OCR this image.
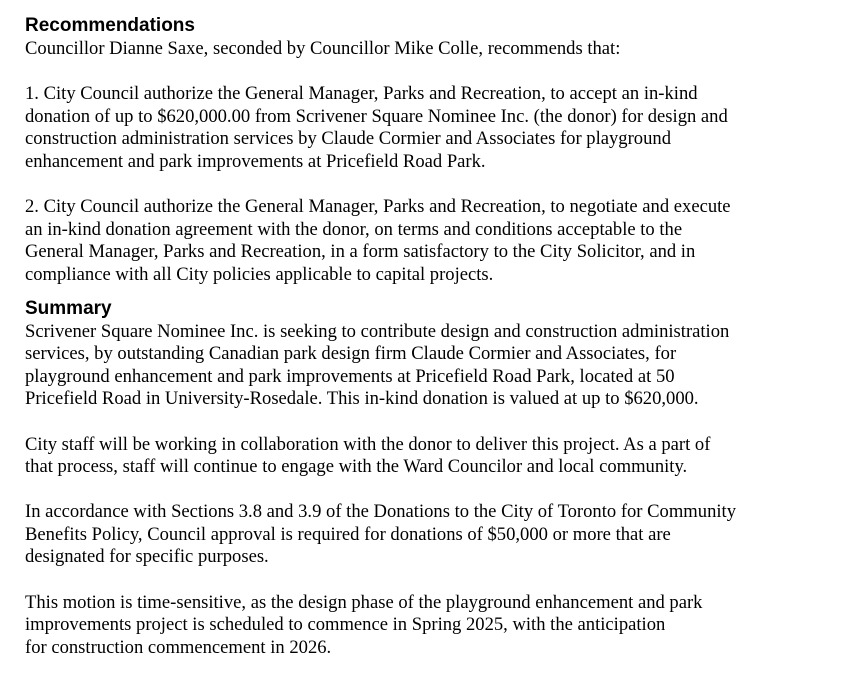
Recommendations

Councillor Dianne Saxe, seconded by Councillor Mike Colle, recommends that:

1. City Council authorize the General Manager, Parks and Recreation, to accept an in-kind
donation of up to $620,000.00 from Scrivener Square Nominee Inc. (the donor) for design and
construction administration services by Claude Cormier and Associates for playground
enhancement and park improvements at Pricefield Road Park.

2. City Council authorize the General Manager, Parks and Recreation, to negotiate and execute
an in-kind donation agreement with the donor, on terms and conditions acceptable to the
General Manager, Parks and Recreation, in a form satisfactory to the City Solicitor, and in
compliance with all City policies applicable to capital projects.

Summary

Scrivener Square Nominee Inc. is seeking to contribute design and construction administration
services, by outstanding Canadian park design firm Claude Cormier and Associates, for
playground enhancement and park improvements at Pricefield Road Park, located at 50
Pricefield Road in University-Rosedale. This in-kind donation is valued at up to $620,000.

City staff will be working in collaboration with the donor to deliver this project. As a part of
that process, staff will continue to engage with the Ward Councilor and local community.

In accordance with Sections 3.8 and 3.9 of the Donations to the City of Toronto for Community
Benefits Policy, Council approval is required for donations of $50,000 or more that are
designated for specific purposes.

This motion is time-sensitive, as the design phase of the playground enhancement and park
improvements project is scheduled to commence in Spring 2025, with the anticipation
for construction commencement in 2026.
